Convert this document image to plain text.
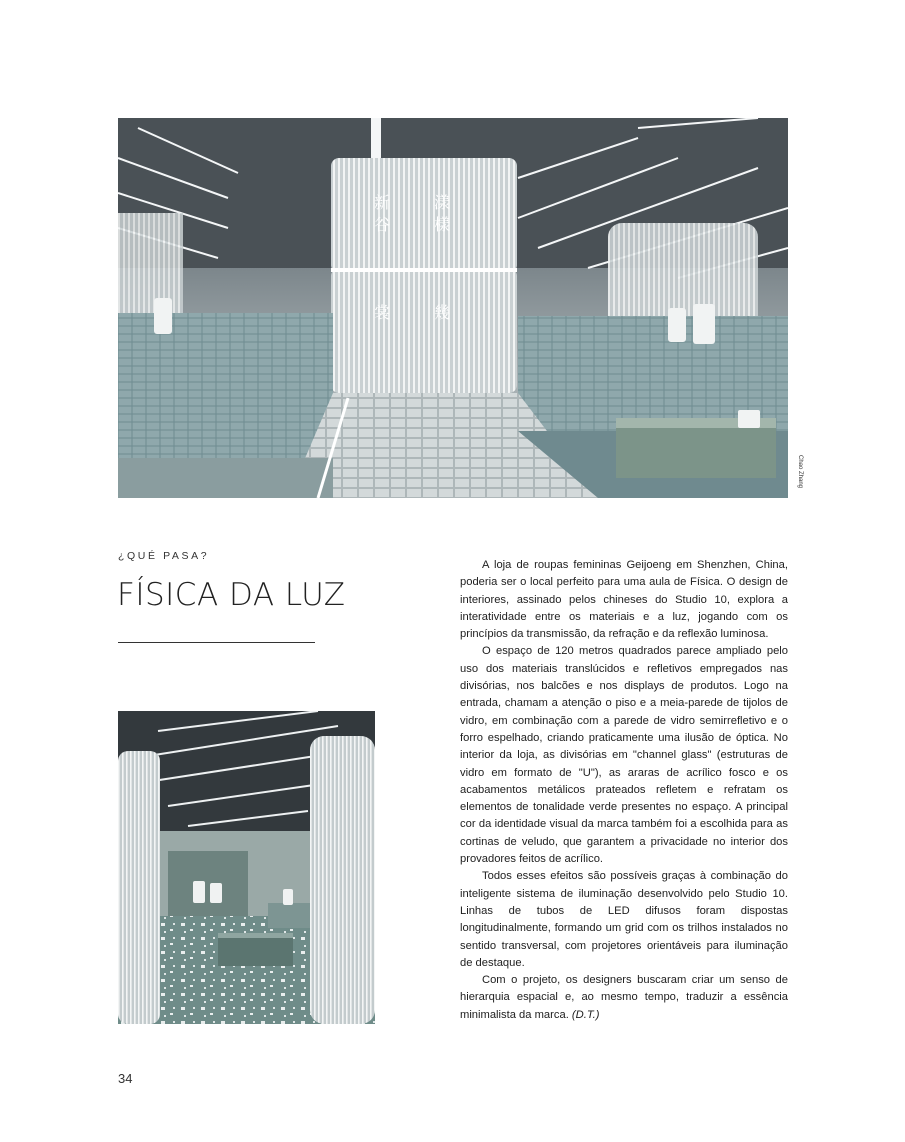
新	漾
谷	樣
裳	幾
Chao Zhang
¿QUÉ PASA?
FÍSICA DA LUZ
34

A loja de roupas femininas Geijoeng em Shenzhen, China, poderia ser o local perfeito para uma aula de Física. O design de interiores, assinado pelos chineses do Studio 10, explora a interatividade entre os materiais e a luz, jogando com os princípios da transmissão, da refração e da reflexão luminosa.

O espaço de 120 metros quadrados parece ampliado pelo uso dos materiais translúcidos e refletivos empregados nas divisórias, nos balcões e nos displays de produtos. Logo na entrada, chamam a atenção o piso e a meia-parede de tijolos de vidro, em combinação com a parede de vidro semirrefletivo e o forro espelhado, criando praticamente uma ilusão de óptica. No interior da loja, as divisórias em "channel glass" (estruturas de vidro em formato de "U"), as araras de acrílico fosco e os acabamentos metálicos prateados refletem e refratam os elementos de tonalidade verde presentes no espaço. A principal cor da identidade visual da marca também foi a escolhida para as cortinas de veludo, que garantem a privacidade no interior dos provadores feitos de acrílico.

Todos esses efeitos são possíveis graças à combinação do inteligente sistema de iluminação desenvolvido pelo Studio 10. Linhas de tubos de LED difusos foram dispostas longitudinalmente, formando um grid com os trilhos instalados no sentido transversal, com projetores orientáveis para iluminação de destaque.

Com o projeto, os designers buscaram criar um senso de hierarquia espacial e, ao mesmo tempo, traduzir a essência minimalista da marca. (D.T.)
